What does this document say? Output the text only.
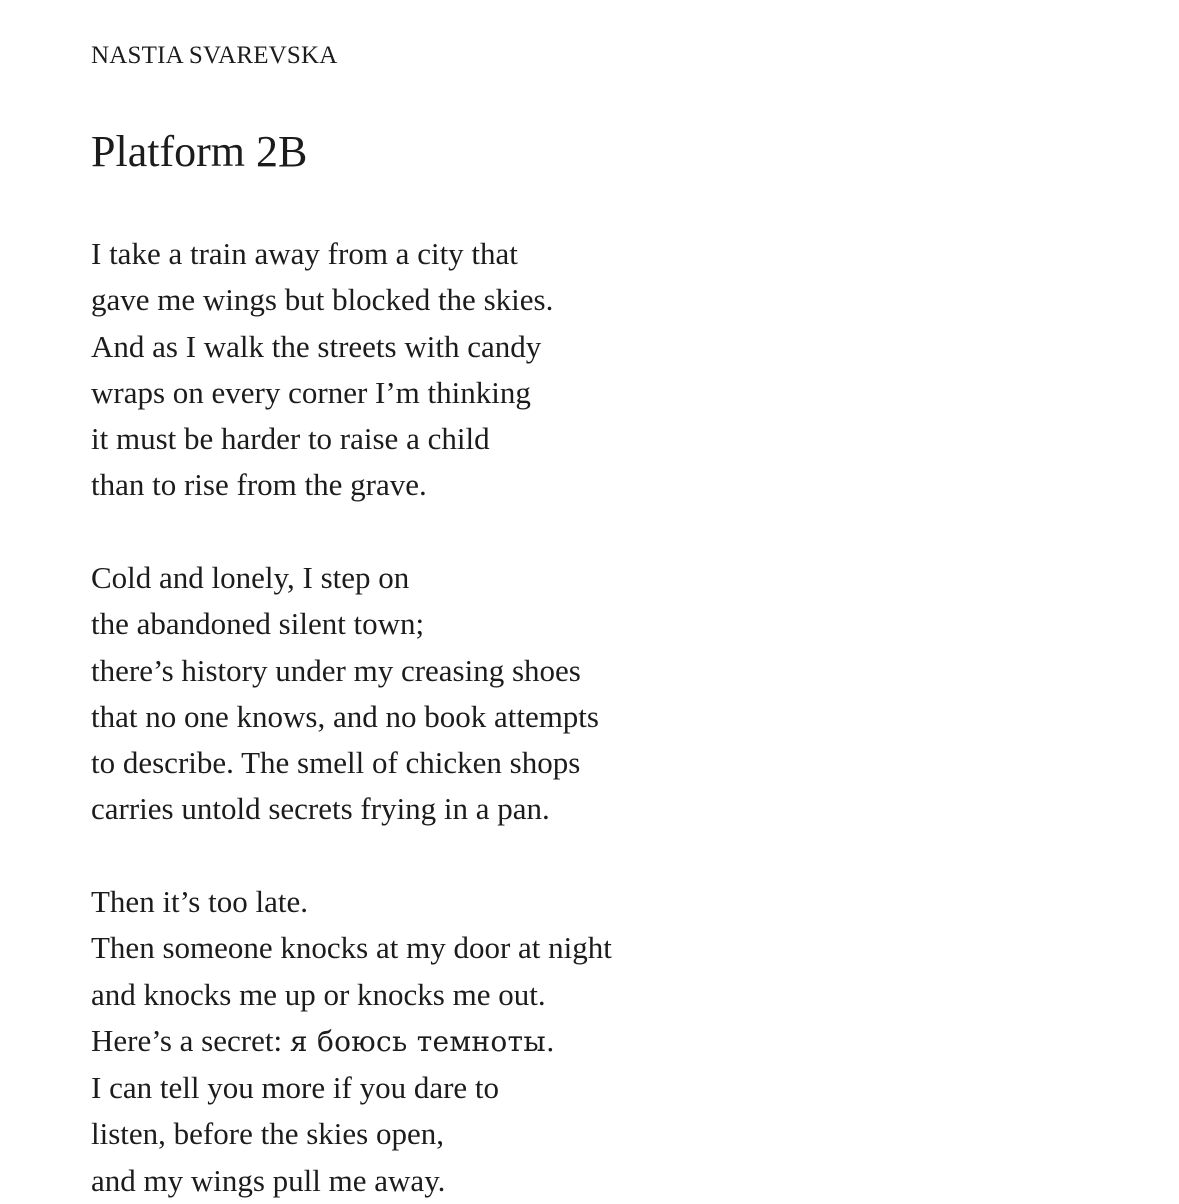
NASTIA SVAREVSKA
Platform 2B
I take a train away from a city that
gave me wings but blocked the skies.
And as I walk the streets with candy
wraps on every corner I’m thinking
it must be harder to raise a child
than to rise from the grave.
Cold and lonely, I step on
the abandoned silent town;
there’s history under my creasing shoes
that no one knows, and no book attempts
to describe. The smell of chicken shops
carries untold secrets frying in a pan.
Then it’s too late.
Then someone knocks at my door at night
and knocks me up or knocks me out.
Here’s a secret: я боюсь темноты.
I can tell you more if you dare to
listen, before the skies open,
and my wings pull me away.
